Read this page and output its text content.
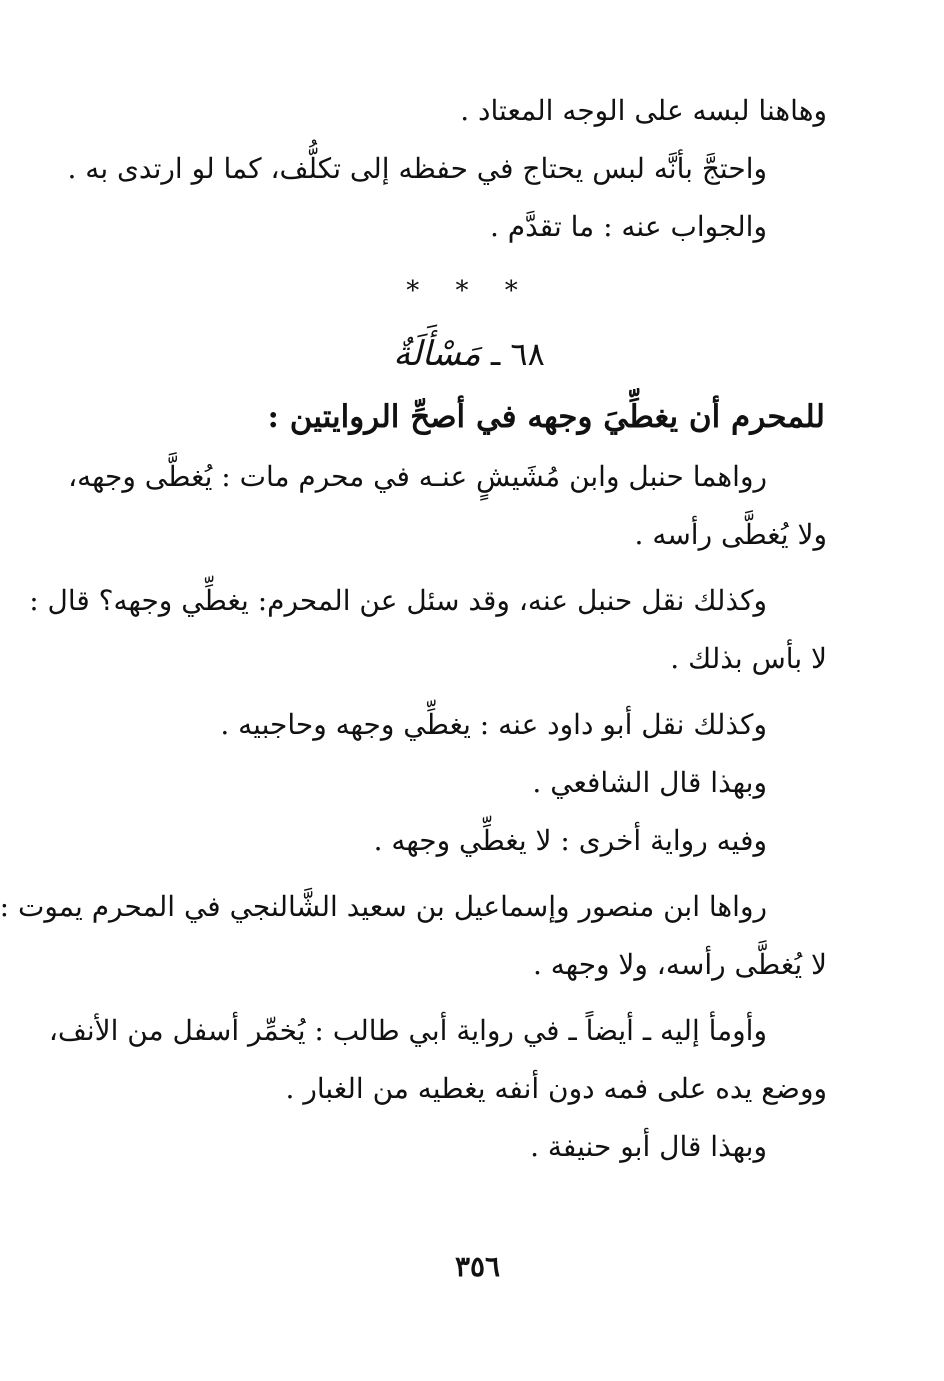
وهاهنا لبسه على الوجه المعتاد .
واحتجَّ بأنَّه لبس يحتاج في حفظه إلى تكلُّف، كما لو ارتدى به .
والجواب عنه : ما تقدَّم .
* * *
٦٨ ـ مَسْأَلَةٌ
للمحرم أن يغطِّيَ وجهه في أصحِّ الروايتين :
رواهما حنبل وابن مُشَيشٍ عنـه في محرم مات : يُغطَّى وجهه،
ولا يُغطَّى رأسه .
وكذلك نقل حنبل عنه، وقد سئل عن المحرم: يغطِّي وجهه؟ قال :
لا بأس بذلك .
وكذلك نقل أبو داود عنه : يغطِّي وجهه وحاجبيه .
وبهذا قال الشافعي .
وفيه رواية أخرى : لا يغطِّي وجهه .
رواها ابن منصور وإسماعيل بن سعيد الشَّالنجي في المحرم يموت :
لا يُغطَّى رأسه، ولا وجهه .
وأومأ إليه ـ أيضاً ـ في رواية أبي طالب : يُخمِّر أسفل من الأنف،
ووضع يده على فمه دون أنفه يغطيه من الغبار .
وبهذا قال أبو حنيفة .
٣٥٦
